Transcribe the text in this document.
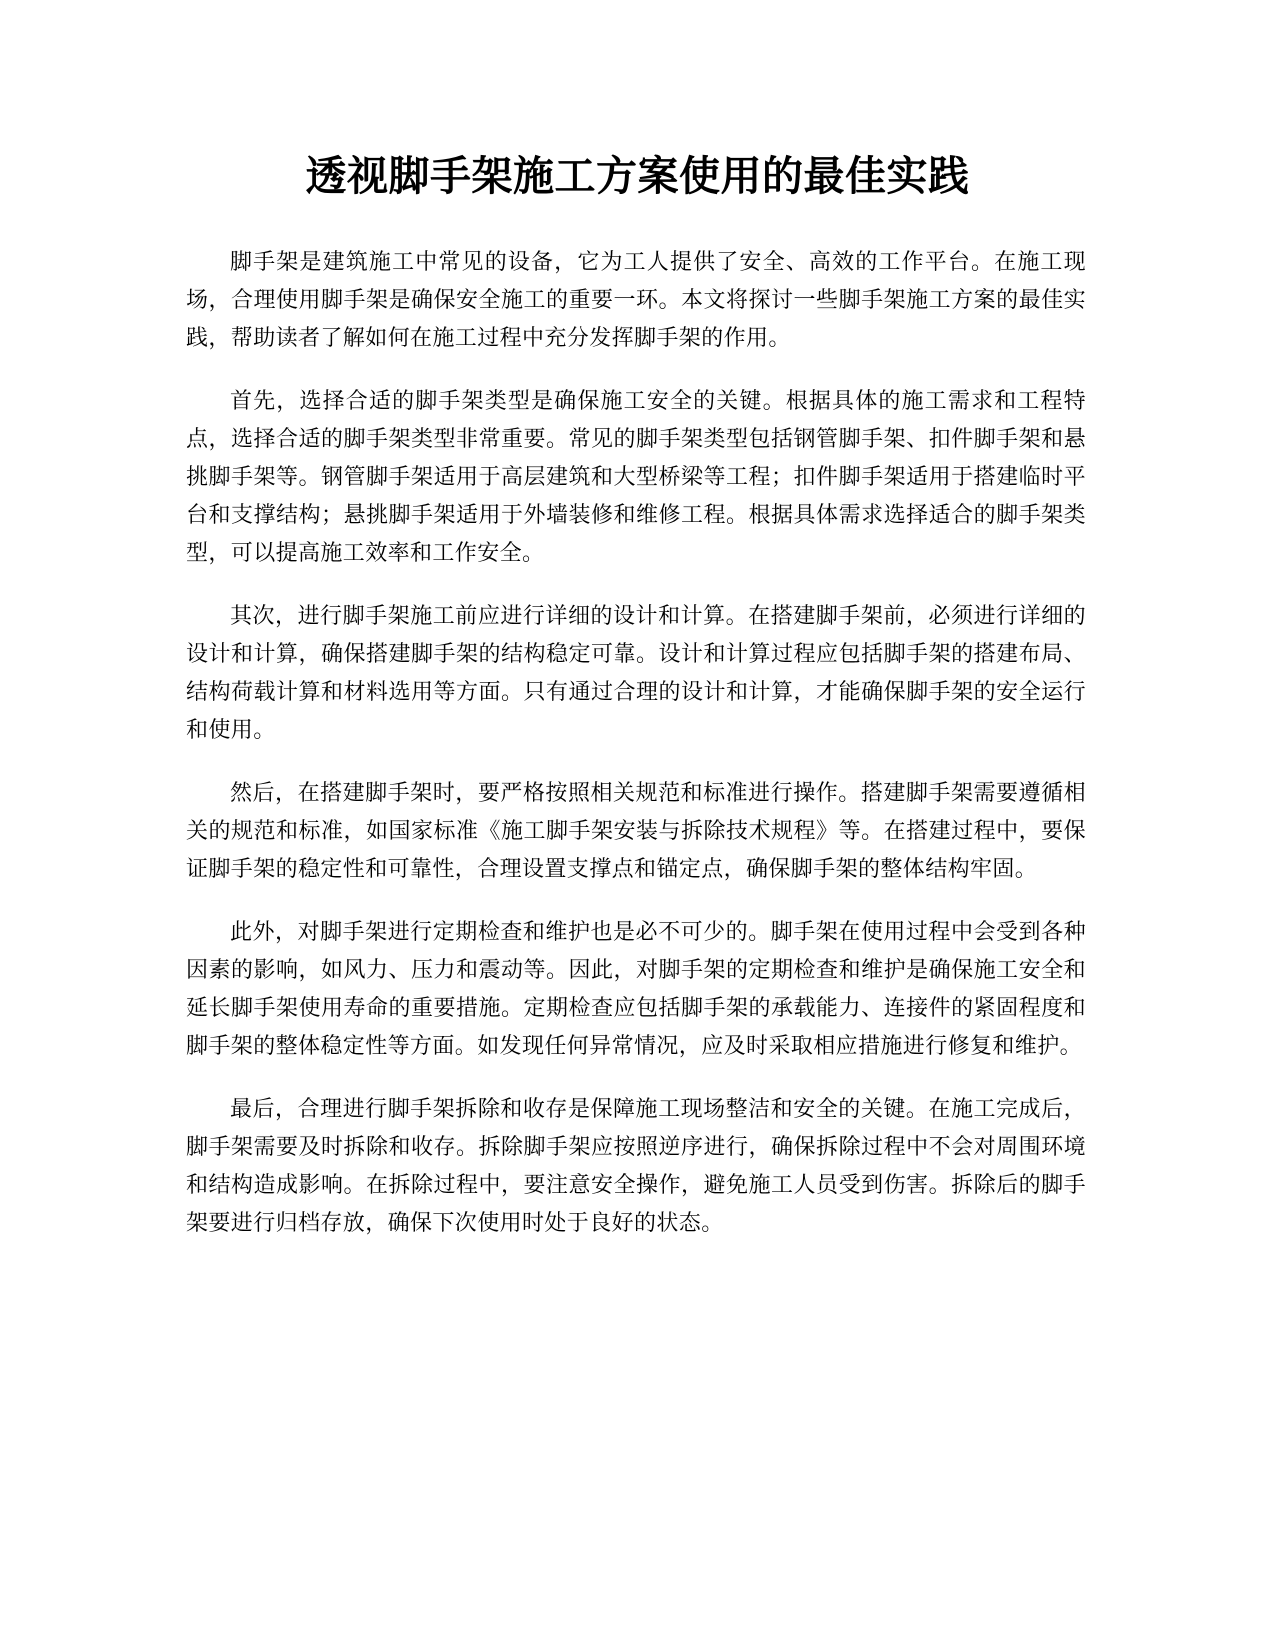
透视脚手架施工方案使用的最佳实践

脚手架是建筑施工中常见的设备，它为工人提供了安全、高效的工作平台。在施工现场，合理使用脚手架是确保安全施工的重要一环。本文将探讨一些脚手架施工方案的最佳实践，帮助读者了解如何在施工过程中充分发挥脚手架的作用。

首先，选择合适的脚手架类型是确保施工安全的关键。根据具体的施工需求和工程特点，选择合适的脚手架类型非常重要。常见的脚手架类型包括钢管脚手架、扣件脚手架和悬挑脚手架等。钢管脚手架适用于高层建筑和大型桥梁等工程；扣件脚手架适用于搭建临时平台和支撑结构；悬挑脚手架适用于外墙装修和维修工程。根据具体需求选择适合的脚手架类型，可以提高施工效率和工作安全。

其次，进行脚手架施工前应进行详细的设计和计算。在搭建脚手架前，必须进行详细的设计和计算，确保搭建脚手架的结构稳定可靠。设计和计算过程应包括脚手架的搭建布局、结构荷载计算和材料选用等方面。只有通过合理的设计和计算，才能确保脚手架的安全运行和使用。

然后，在搭建脚手架时，要严格按照相关规范和标准进行操作。搭建脚手架需要遵循相关的规范和标准，如国家标准《施工脚手架安装与拆除技术规程》等。在搭建过程中，要保证脚手架的稳定性和可靠性，合理设置支撑点和锚定点，确保脚手架的整体结构牢固。

此外，对脚手架进行定期检查和维护也是必不可少的。脚手架在使用过程中会受到各种因素的影响，如风力、压力和震动等。因此，对脚手架的定期检查和维护是确保施工安全和延长脚手架使用寿命的重要措施。定期检查应包括脚手架的承载能力、连接件的紧固程度和脚手架的整体稳定性等方面。如发现任何异常情况，应及时采取相应措施进行修复和维护。

最后，合理进行脚手架拆除和收存是保障施工现场整洁和安全的关键。在施工完成后，脚手架需要及时拆除和收存。拆除脚手架应按照逆序进行，确保拆除过程中不会对周围环境和结构造成影响。在拆除过程中，要注意安全操作，避免施工人员受到伤害。拆除后的脚手架要进行归档存放，确保下次使用时处于良好的状态。
